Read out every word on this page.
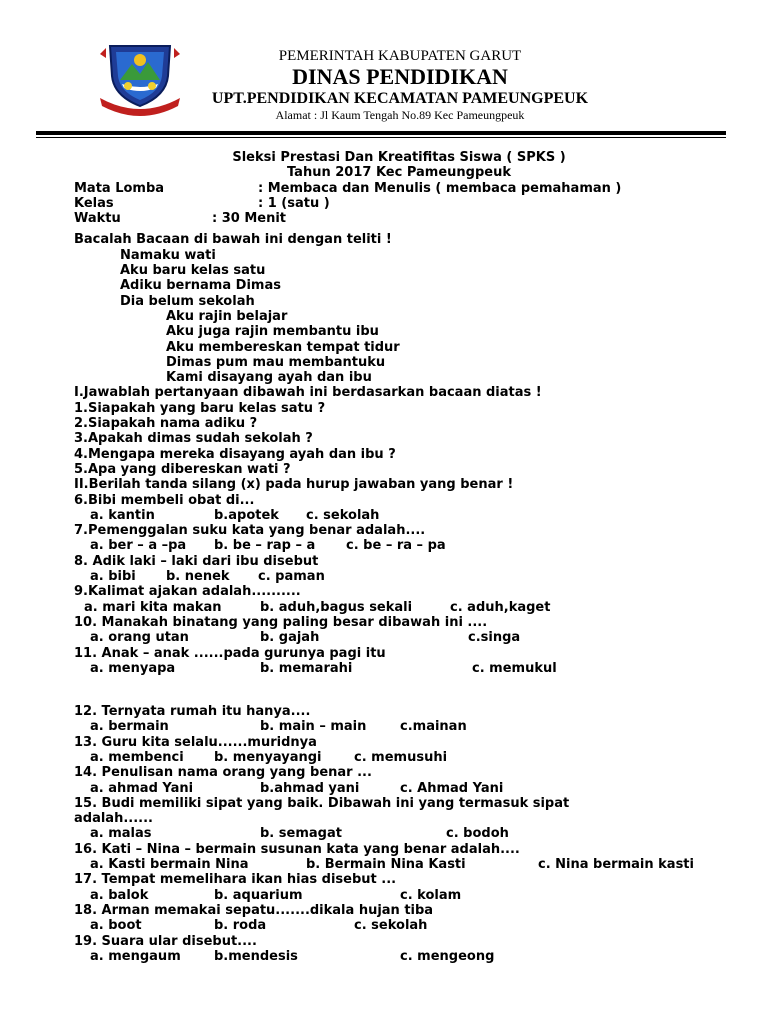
PEMERINTAH KABUPATEN GARUT
DINAS PENDIDIKAN
UPT.PENDIDIKAN KECAMATAN PAMEUNGPEUK
Alamat : Jl Kaum Tengah No.89 Kec Pameungpeuk
Sleksi Prestasi Dan Kreatifitas Siswa ( SPKS )
Tahun 2017 Kec Pameungpeuk
Mata Lomba	: Membaca dan Menulis ( membaca pemahaman )
Kelas	: 1 (satu )
Waktu	: 30 Menit
Bacalah Bacaan di bawah ini dengan teliti !
Namaku wati
Aku baru kelas satu
Adiku bernama Dimas
Dia belum sekolah
Aku rajin belajar
Aku juga rajin membantu ibu
Aku membereskan tempat tidur
Dimas pum mau membantuku
Kami disayang ayah dan ibu
I.Jawablah pertanyaan dibawah ini berdasarkan bacaan diatas !
1.Siapakah yang baru kelas satu ?
2.Siapakah nama adiku ?
3.Apakah dimas sudah sekolah ?
4.Mengapa mereka disayang ayah dan ibu ?
5.Apa yang dibereskan wati ?
II.Berilah tanda silang (x) pada hurup jawaban yang benar !
6.Bibi membeli obat di...
a. kantin	b.apotek c. sekolah
7.Pemenggalan suku kata yang benar adalah....
a. ber – a –pa b. be – rap – a c. be – ra – pa
8. Adik laki – laki dari ibu disebut
a. bibi b. nenek c. paman
9.Kalimat ajakan adalah..........
a. mari kita makan	b. aduh,bagus sekali	c. aduh,kaget
10. Manakah binatang yang paling besar dibawah ini ....
a. orang utan	b. gajah	c.singa
11. Anak – anak ......pada gurunya pagi itu
a. menyapa	b. memarahi	c. memukul
12. Ternyata rumah itu hanya....
a. bermain	b. main – main	c.mainan
13. Guru kita selalu......muridnya
a. membenci b. menyayangi	c. memusuhi
14. Penulisan nama orang yang benar ...
a. ahmad Yani	b.ahmad yani	c. Ahmad Yani
15. Budi memiliki sipat yang baik. Dibawah ini yang termasuk sipat
adalah......
a. malas	b. semagat	c. bodoh
16. Kati – Nina – bermain susunan kata yang benar adalah....
a. Kasti bermain Nina	b. Bermain Nina Kasti	c. Nina bermain kasti
17. Tempat memelihara ikan hias disebut ...
a. balok	b. aquarium	c. kolam
18. Arman memakai sepatu.......dikala hujan tiba
a. boot	b. roda	c. sekolah
19. Suara ular disebut....
a. mengaum	b.mendesis	c. mengeong
